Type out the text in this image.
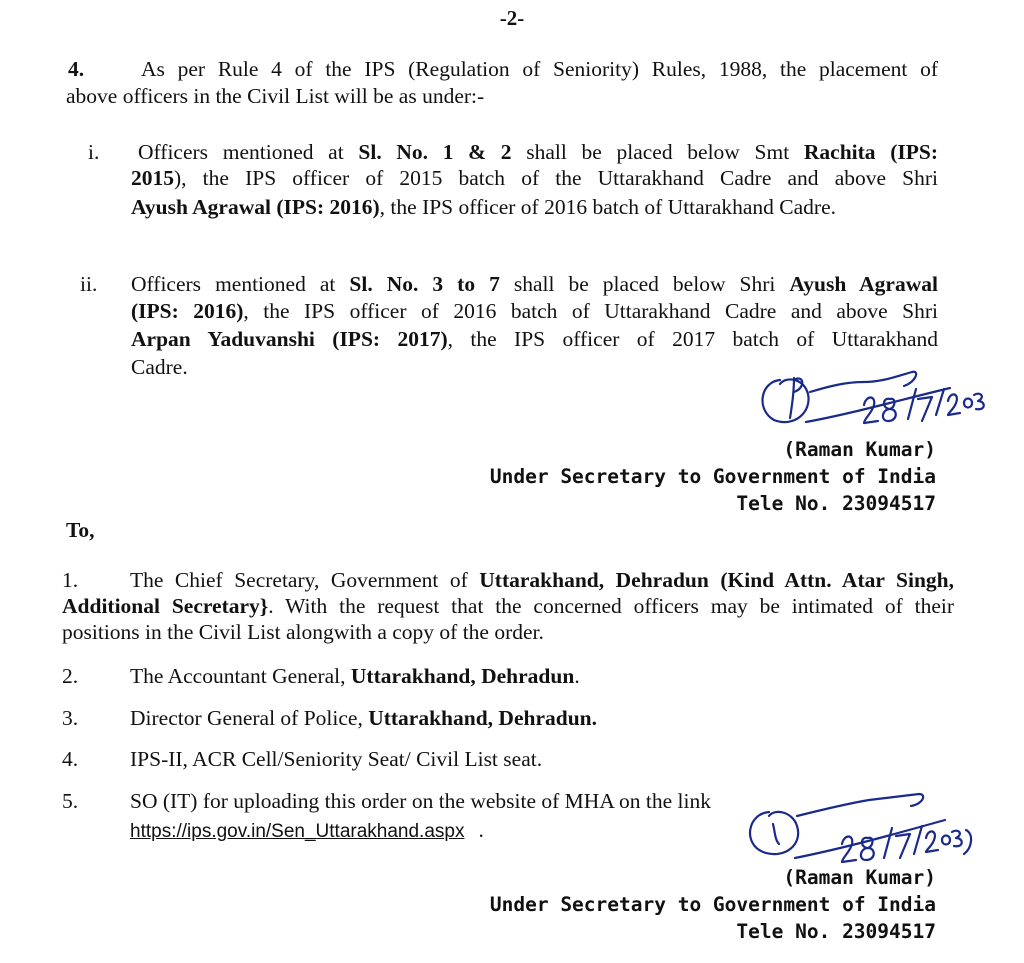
-2-
4.	As per Rule 4 of the IPS (Regulation of Seniority) Rules, 1988, the placement of
above officers in the Civil List will be as under:-
i. Officers mentioned at Sl. No. 1 & 2 shall be placed below Smt Rachita (IPS:
2015), the IPS officer of 2015 batch of the Uttarakhand Cadre and above Shri
Ayush Agrawal (IPS: 2016), the IPS officer of 2016 batch of Uttarakhand Cadre.
ii. Officers mentioned at Sl. No. 3 to 7 shall be placed below Shri Ayush Agrawal
(IPS: 2016), the IPS officer of 2016 batch of Uttarakhand Cadre and above Shri
Arpan Yaduvanshi (IPS: 2017), the IPS officer of 2017 batch of Uttarakhand
Cadre.
(Raman Kumar)
Under Secretary to Government of India
Tele No. 23094517
To,
1. The Chief Secretary, Government of Uttarakhand, Dehradun (Kind Attn. Atar Singh,
Additional Secretary}. With the request that the concerned officers may be intimated of their
positions in the Civil List alongwith a copy of the order.
2. The Accountant General, Uttarakhand, Dehradun.
3. Director General of Police, Uttarakhand, Dehradun.
4. IPS-II, ACR Cell/Seniority Seat/ Civil List seat.
5. SO (IT) for uploading this order on the website of MHA on the link
https://ips.gov.in/Sen_Uttarakhand.aspx .
(Raman Kumar)
Under Secretary to Government of India
Tele No. 23094517
